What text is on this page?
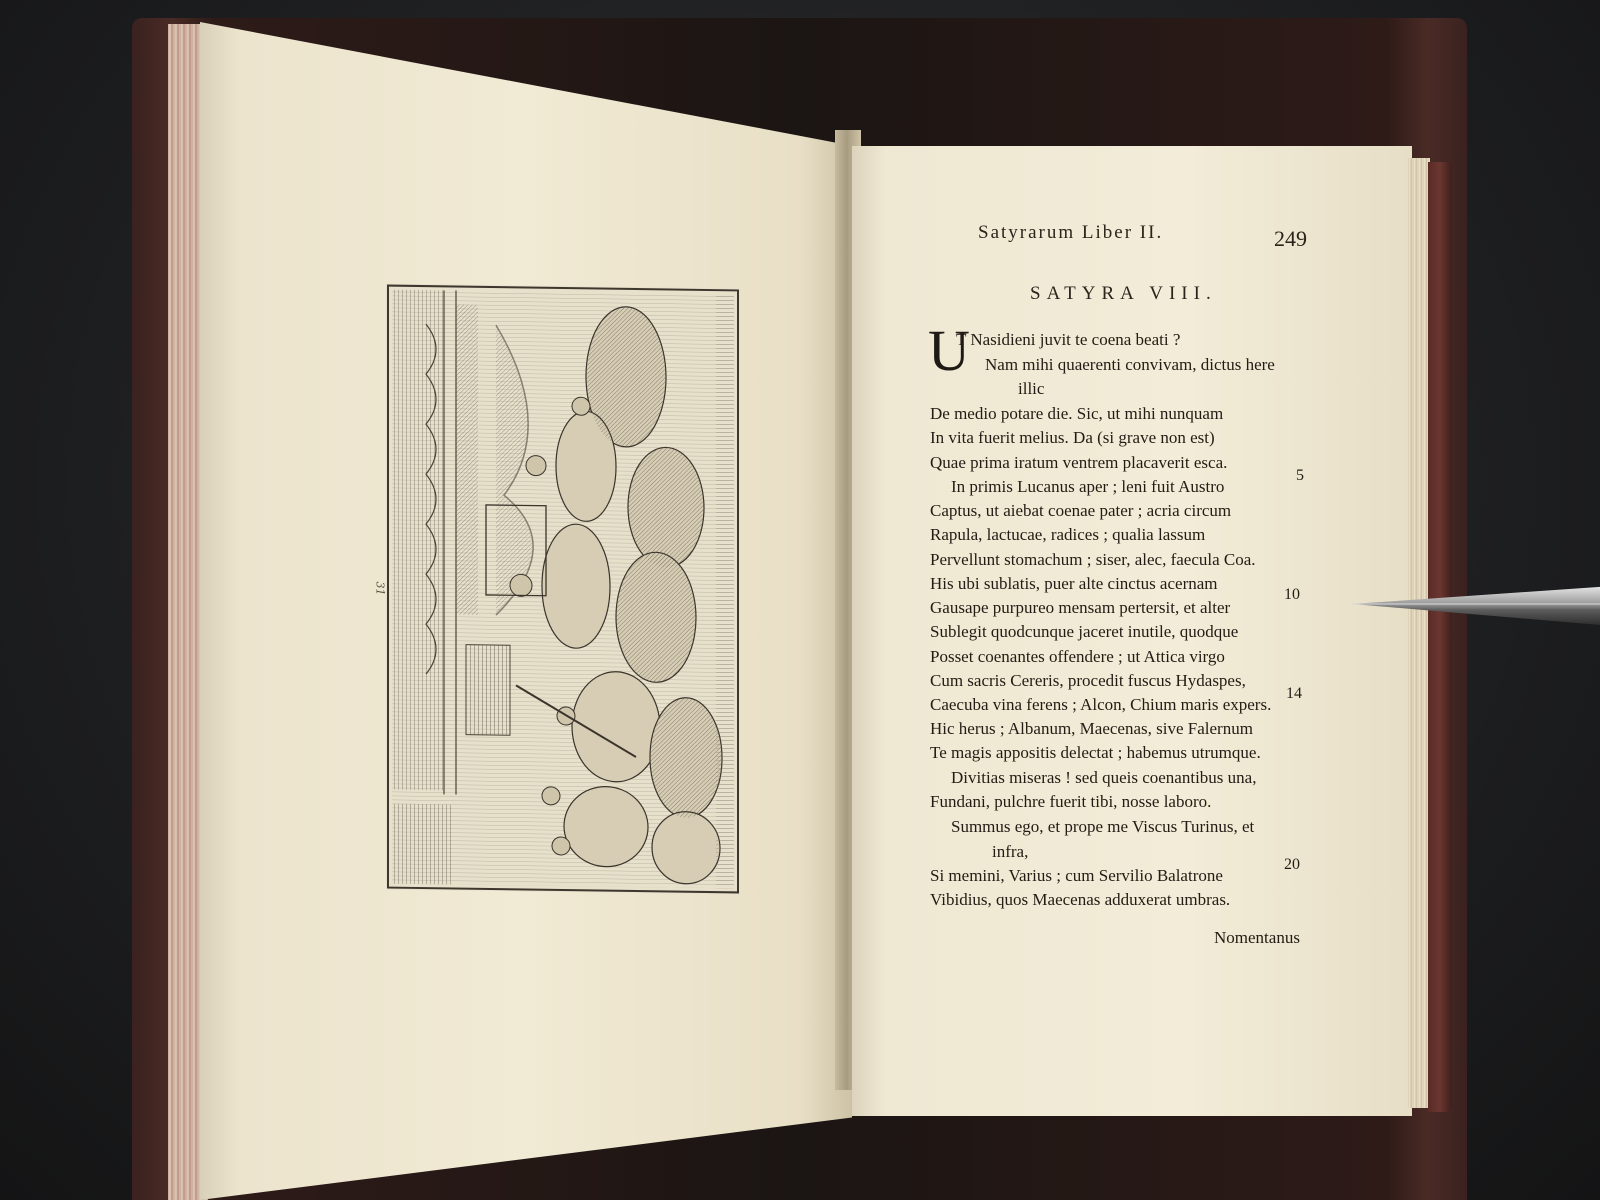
31
Satyrarum Liber II.	249
SATYRA VIII.
U
T Nasidieni juvit te coena beati ?
Nam mihi quaerenti convivam, dictus here
illic
De medio potare die. Sic, ut mihi nunquam
In vita fuerit melius. Da (si grave non est)
Quae prima iratum ventrem placaverit esca.
In primis Lucanus aper ; leni fuit Austro
Captus, ut aiebat coenae pater ; acria circum
Rapula, lactucae, radices ; qualia lassum
Pervellunt stomachum ; siser, alec, faecula Coa.
His ubi sublatis, puer alte cinctus acernam
Gausape purpureo mensam pertersit, et alter
Sublegit quodcunque jaceret inutile, quodque
Posset coenantes offendere ; ut Attica virgo
Cum sacris Cereris, procedit fuscus Hydaspes,
Caecuba vina ferens ; Alcon, Chium maris expers.
Hic herus ; Albanum, Maecenas, sive Falernum
Te magis appositis delectat ; habemus utrumque.
Divitias miseras ! sed queis coenantibus una,
Fundani, pulchre fuerit tibi, nosse laboro.
Summus ego, et prope me Viscus Turinus, et
infra,
Si memini, Varius ; cum Servilio Balatrone
Vibidius, quos Maecenas adduxerat umbras.
5
10
14
20
Nomentanus
